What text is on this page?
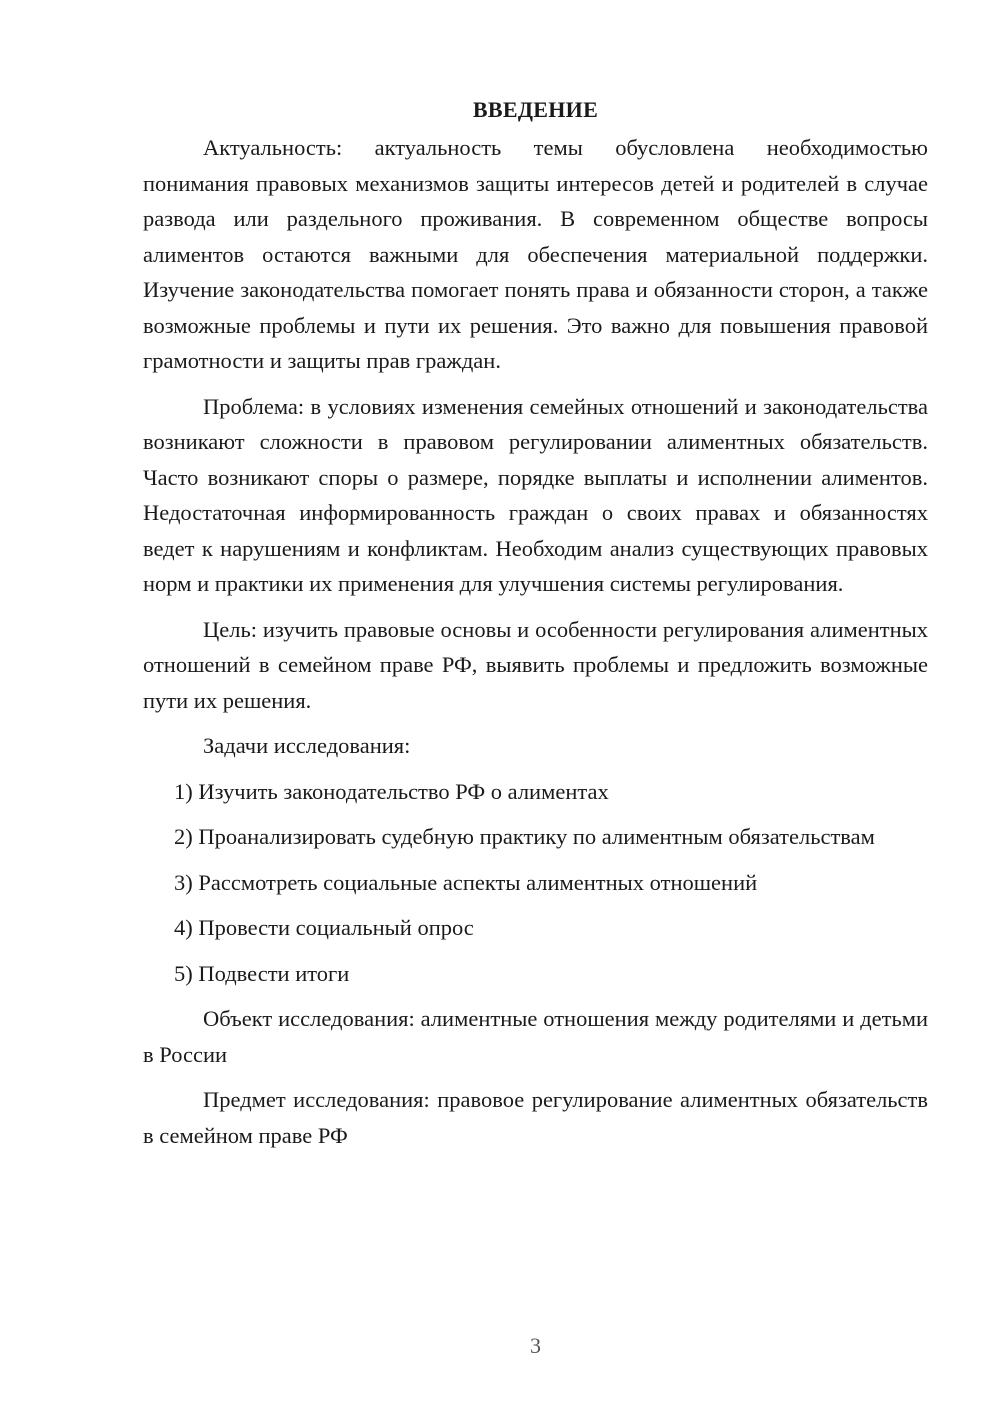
ВВЕДЕНИЕ

Актуальность: актуальность темы обусловлена необходимостью понимания правовых механизмов защиты интересов детей и родителей в случае развода или раздельного проживания. В современном обществе вопросы алиментов остаются важными для обеспечения материальной поддержки. Изучение законодательства помогает понять права и обязанности сторон, а также возможные проблемы и пути их решения. Это важно для повышения правовой грамотности и защиты прав граждан.

Проблема: в условиях изменения семейных отношений и законодательства возникают сложности в правовом регулировании алиментных обязательств. Часто возникают споры о размере, порядке выплаты и исполнении алиментов. Недостаточная информированность граждан о своих правах и обязанностях ведет к нарушениям и конфликтам. Необходим анализ существующих правовых норм и практики их применения для улучшения системы регулирования.

Цель: изучить правовые основы и особенности регулирования алиментных отношений в семейном праве РФ, выявить проблемы и предложить возможные пути их решения.

Задачи исследования:

1) Изучить законодательство РФ о алиментах

2) Проанализировать судебную практику по алиментным обязательствам

3) Рассмотреть социальные аспекты алиментных отношений

4) Провести социальный опрос

5) Подвести итоги

Объект исследования: алиментные отношения между родителями и детьми в России

Предмет исследования: правовое регулирование алиментных обязательств в семейном праве РФ

3
